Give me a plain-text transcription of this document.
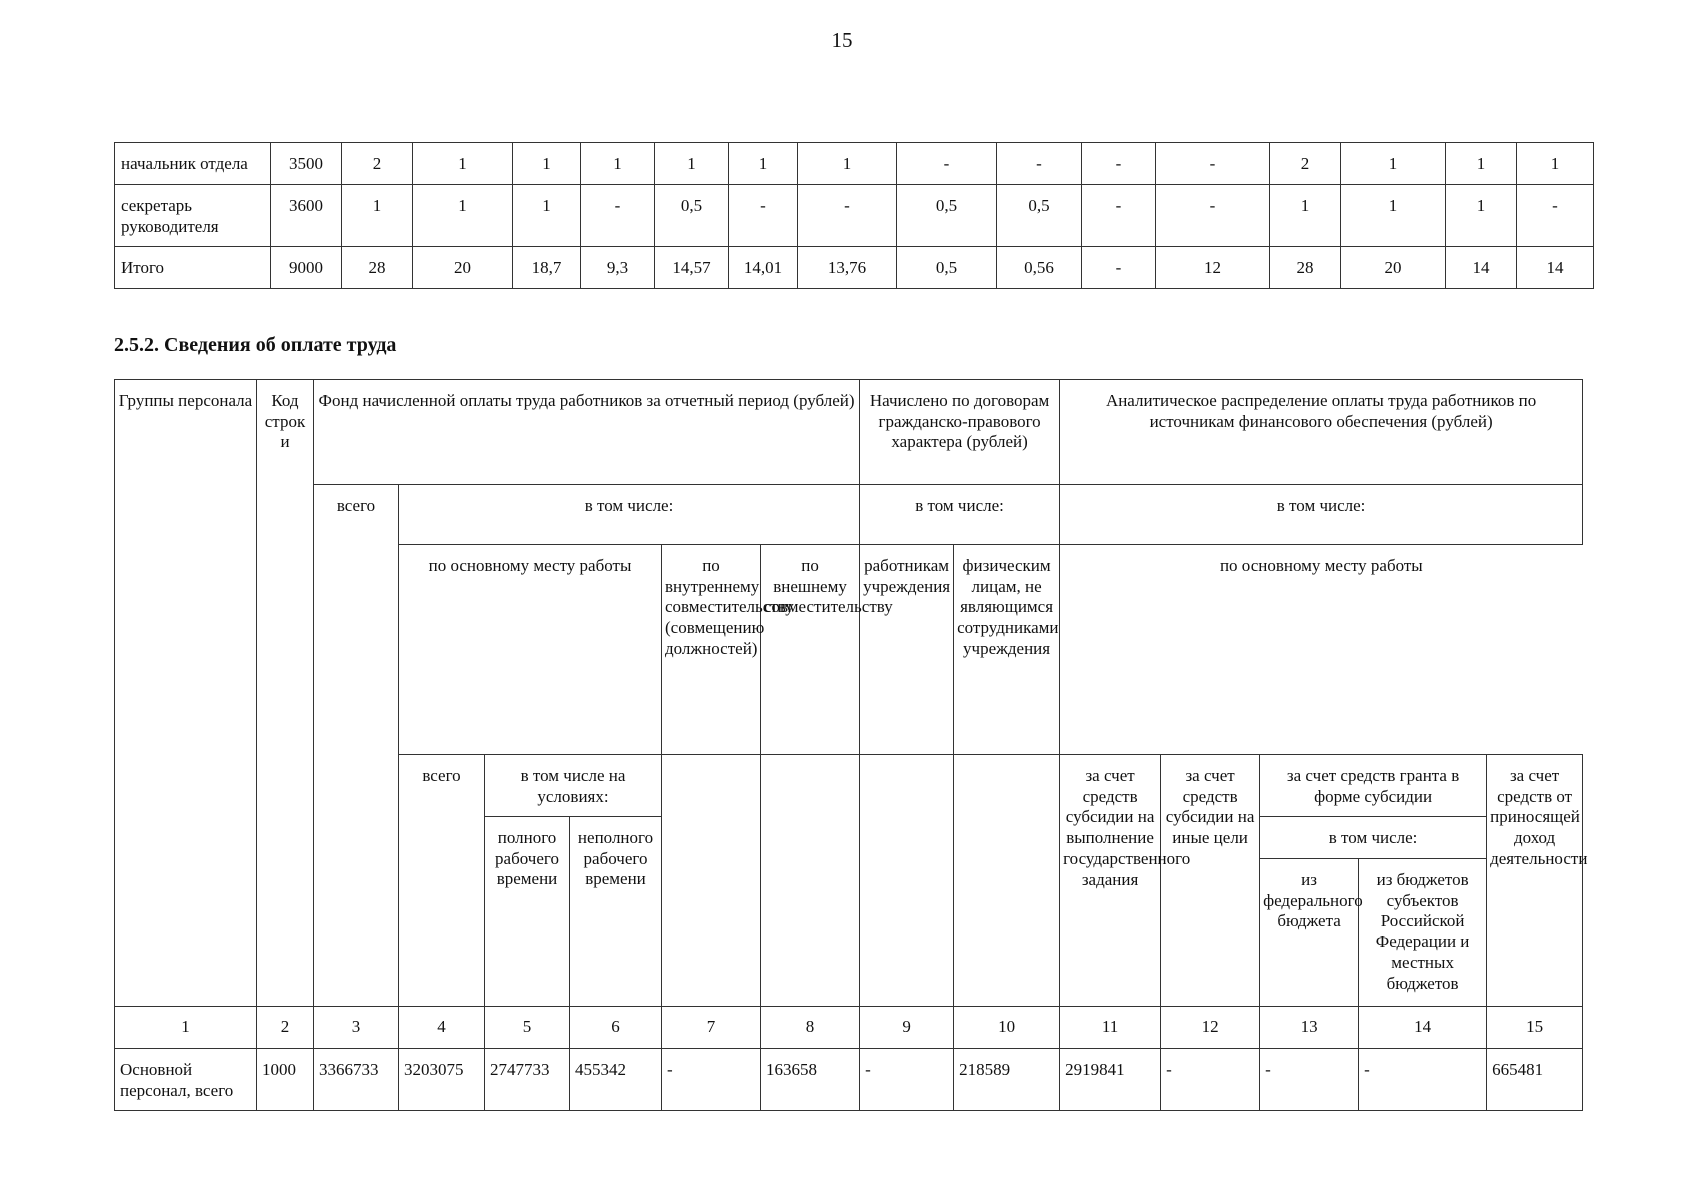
15
начальник отдела	3500	2	1	1	1	1	1	1	-	-	-	-	2	1	1	1
секретарь руководителя	3600	1	1	1	-	0,5	-	-	0,5	0,5	-	-	1	1	1	-
Итого	9000	28	20	18,7	9,3	14,57	14,01	13,76	0,5	0,56	-	12	28	20	14	14
2.5.2. Сведения об оплате труда
Группы персонала	Код строк и	Фонд начисленной оплаты труда работников за отчетный период (рублей)						Начислено по договорам гражданско-правового характера (рублей)		Аналитическое распределение оплаты труда работников по источникам финансового обеспечения (рублей)				
		всего	в том числе:					в том числе:		в том числе:				
			по основному месту работы			по внутреннему совместительству (совмещению должностей)	по внешнему совместительству	работникам учреждения	физическим лицам, не являющимся сотрудниками учреждения	по основному месту работы				
			всего	в том числе на условиях:						за счет средств субсидии на выполнение государственного задания	за счет средств субсидии на иные цели	за счет средств гранта в форме субсидии		за счет средств от приносящей доход деятельности
				полного рабочего времени	неполного рабочего времени							в том числе:		
												из федерального бюджета	из бюджетов субъектов Российской Федерации и местных бюджетов	
1	2	3	4	5	6	7	8	9	10	11	12	13	14	15
Основной персонал, всего	1000	3366733	3203075	2747733	455342	-	163658	-	218589	2919841	-	-	-	665481
